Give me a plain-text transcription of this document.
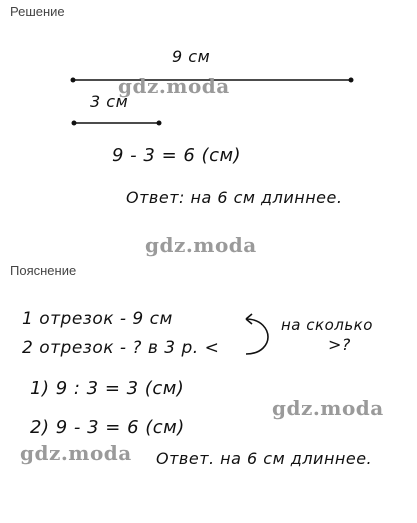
Решение
Пояснение
9 см
3 см
9 - 3 = 6 (см)
Ответ: на 6 см длиннее.
1 отрезок - 9 см
2 отрезок - ? в 3 р. <
на сколько
>?
1) 9 : 3 = 3 (см)
2) 9 - 3 = 6 (см)
Ответ. на 6 см длиннее.
gdz.moda
gdz.moda
gdz.moda
gdz.moda
